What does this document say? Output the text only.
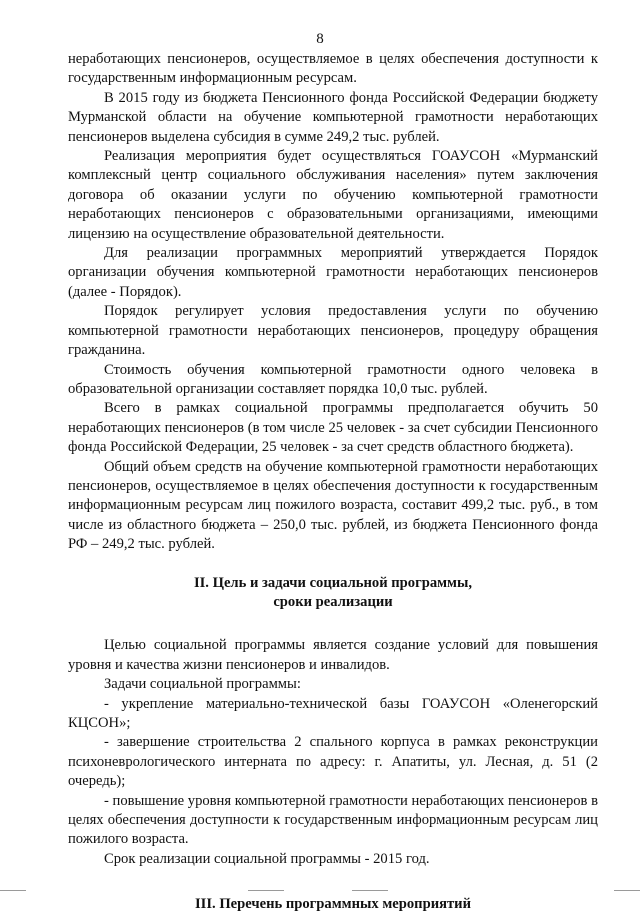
8

неработающих пенсионеров, осуществляемое в целях обеспечения доступности к государственным информационным ресурсам.

В 2015 году из бюджета Пенсионного фонда Российской Федерации бюджету Мурманской области на обучение компьютерной грамотности неработающих пенсионеров выделена субсидия в сумме 249,2 тыс. рублей.

Реализация мероприятия будет осуществляться ГОАУСОН «Мурманский комплексный центр социального обслуживания населения» путем заключения договора об оказании услуги по обучению компьютерной грамотности неработающих пенсионеров с образовательными организациями, имеющими лицензию на осуществление образовательной деятельности.

Для реализации программных мероприятий утверждается Порядок организации обучения компьютерной грамотности неработающих пенсионеров (далее - Порядок).

Порядок регулирует условия предоставления услуги по обучению компьютерной грамотности неработающих пенсионеров, процедуру обращения гражданина.

Стоимость обучения компьютерной грамотности одного человека в образовательной организации составляет порядка 10,0 тыс. рублей.

Всего в рамках социальной программы предполагается обучить 50 неработающих пенсионеров (в том числе 25 человек - за счет субсидии Пенсионного фонда Российской Федерации, 25 человек - за счет средств областного бюджета).

Общий объем средств на обучение компьютерной грамотности неработающих пенсионеров, осуществляемое в целях обеспечения доступности к государственным информационным ресурсам лиц пожилого возраста, составит 499,2 тыс. руб., в том числе из областного бюджета – 250,0 тыс. рублей, из бюджета Пенсионного фонда РФ – 249,2 тыс. рублей.

II. Цель и задачи социальной программы,
сроки реализации

Целью социальной программы является создание условий для повышения уровня и качества жизни пенсионеров и инвалидов.

Задачи социальной программы:

- укрепление материально-технической базы ГОАУСОН «Оленегорский КЦСОН»;

- завершение строительства 2 спального корпуса в рамках реконструкции психоневрологического интерната по адресу: г. Апатиты, ул. Лесная, д. 51 (2 очередь);

- повышение уровня компьютерной грамотности неработающих пенсионеров в целях обеспечения доступности к государственным информационным ресурсам лиц пожилого возраста.

Срок реализации социальной программы - 2015 год.

III. Перечень программных мероприятий
